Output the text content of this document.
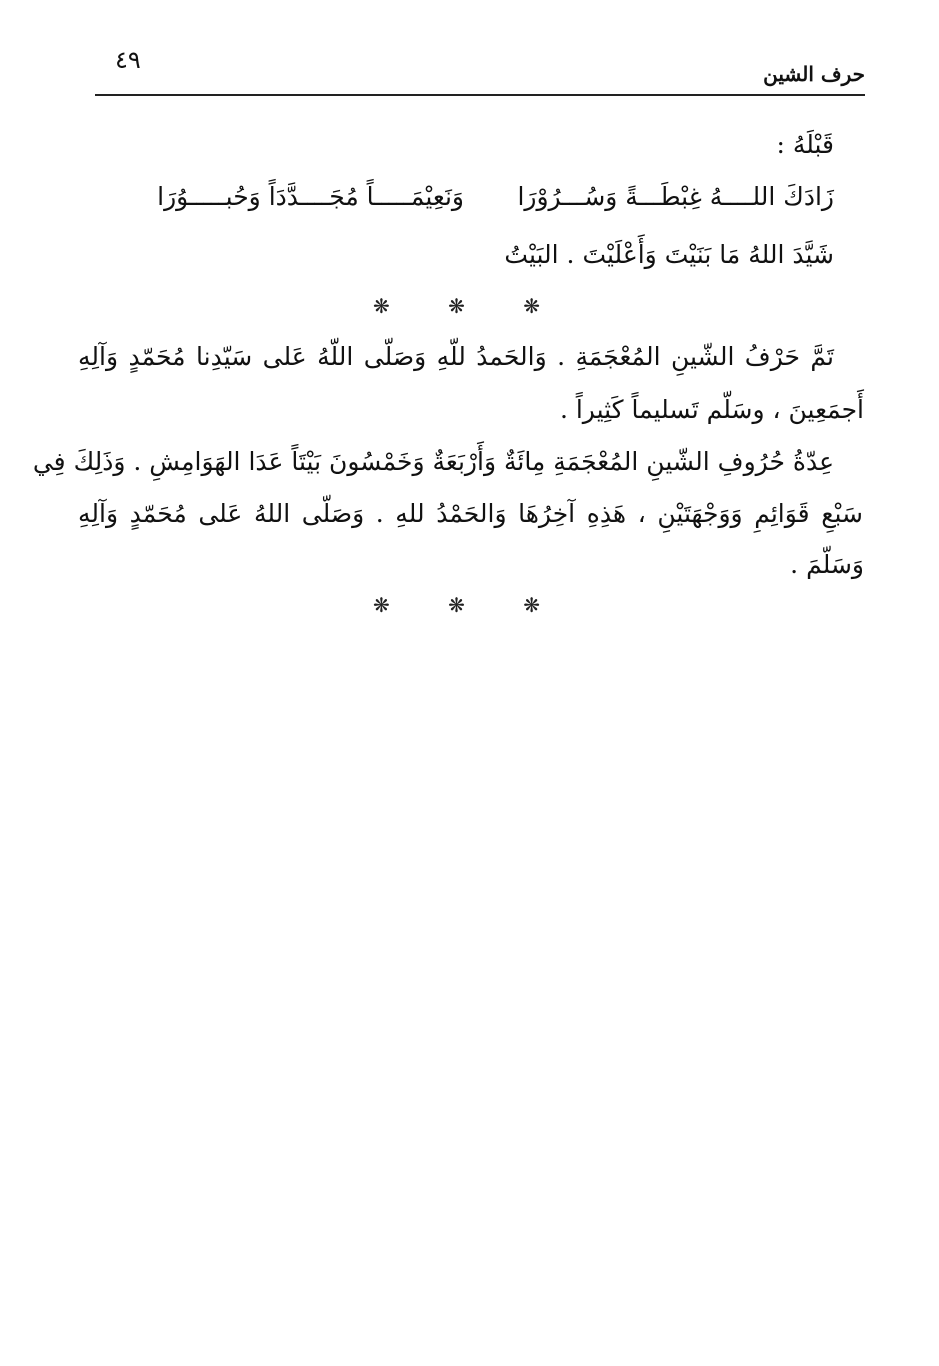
٤٩	حرف الشين
قَبْلَهُ :
زَادَكَ اللــــهُ غِبْطَـــةً وَسُـــرُوْرَا
وَنَعِيْمَـــــاً مُجَــــدَّدَاً وَحُبـــــوُرَا
شَيَّدَ اللهُ مَا بَنَيْتَ وَأَعْلَيْتَ . البَيْتُ
❋ ❋ ❋
تَمَّ حَرْفُ الشّينِ المُعْجَمَةِ . وَالحَمدُ للّهِ وَصَلّى اللّهُ عَلى سَيّدِنا مُحَمّدٍ وَآلِهِ
أَجمَعِينَ ، وسَلّم تَسليماً كَثِيراً .
عِدّةُ حُرُوفِ الشّينِ المُعْجَمَةِ مِائَةٌ وَأَرْبَعَةٌ وَخَمْسُونَ بَيْتَاً عَدَا الهَوَامِشِ . وَذَلِكَ فِي
سَبْعِ قَوَائِمِ وَوَجْهَتَيْنِ ، هَذِهِ آخِرُهَا وَالحَمْدُ للهِ . وَصَلّى اللهُ عَلى مُحَمّدٍ وَآلِهِ
وَسَلّمَ .
❋ ❋ ❋
